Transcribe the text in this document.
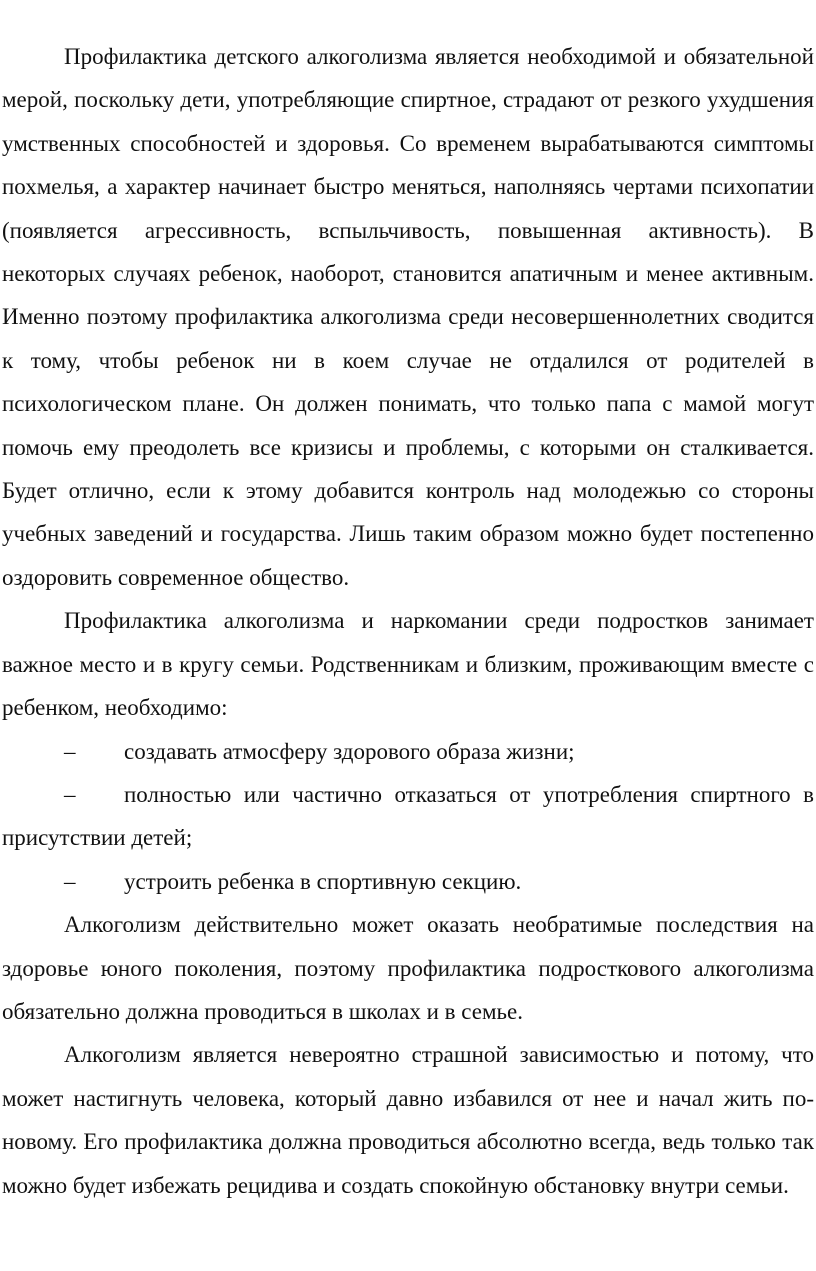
Профилактика детского алкоголизма является необходимой и обязательной мерой, поскольку дети, употребляющие спиртное, страдают от резкого ухудшения умственных способностей и здоровья. Со временем вырабатываются симптомы похмелья, а характер начинает быстро меняться, наполняясь чертами психопатии (появляется агрессивность, вспыльчивость, повышенная активность). В некоторых случаях ребенок, наоборот, становится апатичным и менее активным. Именно поэтому профилактика алкоголизма среди несовершеннолетних сводится к тому, чтобы ребенок ни в коем случае не отдалился от родителей в психологическом плане. Он должен понимать, что только папа с мамой могут помочь ему преодолеть все кризисы и проблемы, с которыми он сталкивается. Будет отлично, если к этому добавится контроль над молодежью со стороны учебных заведений и государства. Лишь таким образом можно будет постепенно оздоровить современное общество.

Профилактика алкоголизма и наркомании среди подростков занимает важное место и в кругу семьи. Родственникам и близким, проживающим вместе с ребенком, необходимо:

– создавать атмосферу здорового образа жизни;

– полностью или частично отказаться от употребления спиртного в присутствии детей;

– устроить ребенка в спортивную секцию.

Алкоголизм действительно может оказать необратимые последствия на здоровье юного поколения, поэтому профилактика подросткового алкоголизма обязательно должна проводиться в школах и в семье.

Алкоголизм является невероятно страшной зависимостью и потому, что может настигнуть человека, который давно избавился от нее и начал жить по-новому. Его профилактика должна проводиться абсолютно всегда, ведь только так можно будет избежать рецидива и создать спокойную обстановку внутри семьи.
